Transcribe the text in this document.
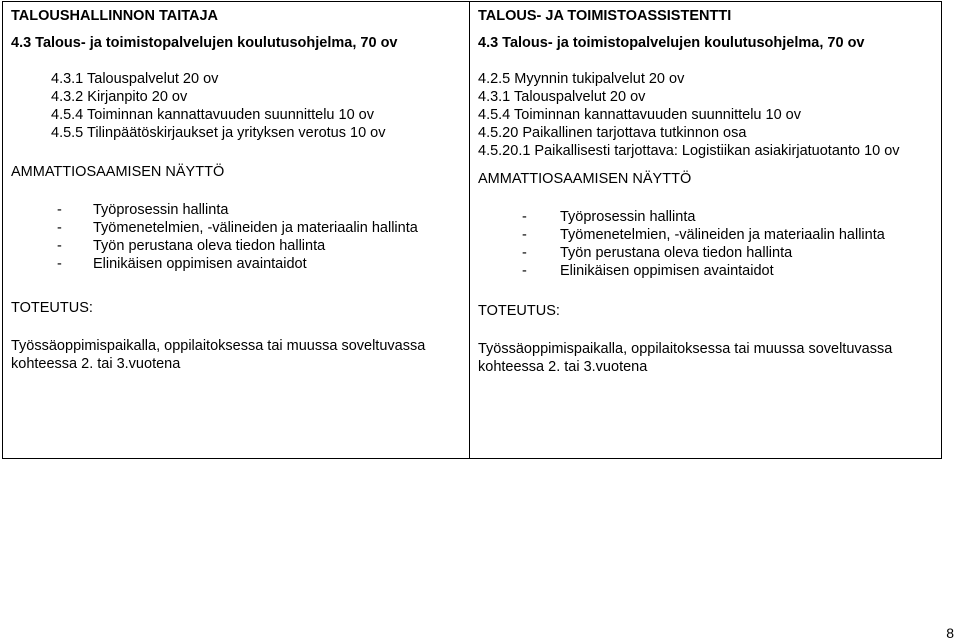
TALOUSHALLINNON TAITAJA
4.3 Talous- ja toimistopalvelujen koulutusohjelma, 70 ov
4.3.1 Talouspalvelut 20 ov
4.3.2 Kirjanpito 20 ov
4.5.4 Toiminnan kannattavuuden suunnittelu 10 ov
4.5.5 Tilinpäätöskirjaukset ja yrityksen verotus 10 ov
AMMATTIOSAAMISEN NÄYTTÖ
-	Työprosessin hallinta
-	Työmenetelmien, -välineiden ja materiaalin hallinta
-	Työn perustana oleva tiedon hallinta
-	Elinikäisen oppimisen avaintaidot
TOTEUTUS:
Työssäoppimispaikalla, oppilaitoksessa tai muussa soveltuvassa kohteessa 2. tai 3.vuotena
TALOUS- JA TOIMISTOASSISTENTTI
4.3 Talous- ja toimistopalvelujen koulutusohjelma, 70 ov
4.2.5 Myynnin tukipalvelut 20 ov
4.3.1 Talouspalvelut 20 ov
4.5.4 Toiminnan kannattavuuden suunnittelu 10 ov
4.5.20 Paikallinen tarjottava tutkinnon osa
4.5.20.1 Paikallisesti tarjottava: Logistiikan asiakirjatuotanto 10 ov
AMMATTIOSAAMISEN NÄYTTÖ
-	Työprosessin hallinta
-	Työmenetelmien, -välineiden ja materiaalin hallinta
-	Työn perustana oleva tiedon hallinta
-	Elinikäisen oppimisen avaintaidot
TOTEUTUS:
Työssäoppimispaikalla, oppilaitoksessa tai muussa soveltuvassa kohteessa 2. tai 3.vuotena
8
